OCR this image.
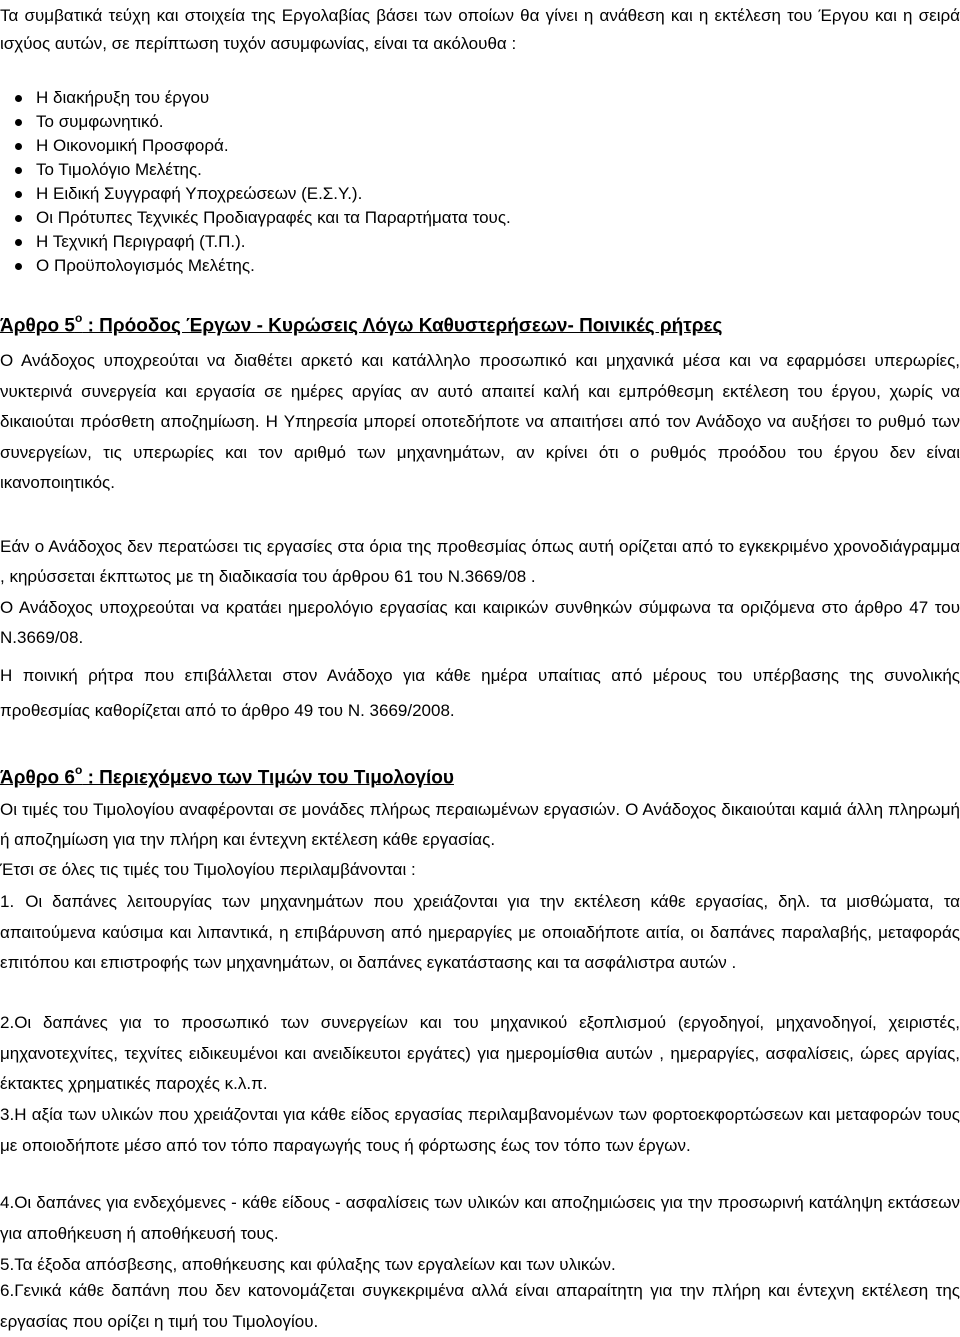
Τα συμβατικά τεύχη και στοιχεία της Εργολαβίας βάσει των οποίων θα γίνει η ανάθεση και η εκτέλεση του Έργου και η σειρά ισχύος αυτών, σε περίπτωση τυχόν ασυμφωνίας, είναι τα ακόλουθα :

Η διακήρυξη του έργου
Το συμφωνητικό.
Η Οικονομική Προσφορά.
Το Τιμολόγιο Μελέτης.
Η Ειδική Συγγραφή Υποχρεώσεων (Ε.Σ.Υ.).
Οι Πρότυπες Τεχνικές Προδιαγραφές και τα Παραρτήματα τους.
Η Τεχνική Περιγραφή (Τ.Π.).
Ο Προϋπολογισμός Μελέτης.
Άρθρο $5^o$ : Πρόοδος Έργων - Κυρώσεις Λόγω Καθυστερήσεων- Ποινικές ρήτρες

Ο Ανάδοχος υποχρεούται να διαθέτει αρκετό και κατάλληλο προσωπικό και μηχανικά μέσα και να εφαρμόσει υπερωρίες, νυκτερινά συνεργεία και εργασία σε ημέρες αργίας αν αυτό απαιτεί καλή και εμπρόθεσμη εκτέλεση του έργου, χωρίς να δικαιούται πρόσθετη αποζημίωση. Η Υπηρεσία μπορεί οποτεδήποτε να απαιτήσει από τον Ανάδοχο να αυξήσει το ρυθμό των συνεργείων, τις υπερωρίες και τον αριθμό των μηχανημάτων, αν κρίνει ότι ο ρυθμός προόδου του έργου δεν είναι ικανοποιητικός.

Εάν ο Ανάδοχος δεν περατώσει τις εργασίες στα όρια της προθεσμίας όπως αυτή ορίζεται από το εγκεκριμένο χρονοδιάγραμμα , κηρύσσεται έκπτωτος με τη διαδικασία του άρθρου 61 του Ν.3669/08 .

Ο Ανάδοχος υποχρεούται να κρατάει ημερολόγιο εργασίας και καιρικών συνθηκών σύμφωνα τα οριζόμενα στο άρθρο 47 του Ν.3669/08.

Η ποινική ρήτρα που επιβάλλεται στον Ανάδοχο για κάθε ημέρα υπαίτιας από μέρους του υπέρβασης της συνολικής προθεσμίας καθορίζεται από το άρθρο 49 του Ν. 3669/2008.

Άρθρο $6^o$ : Περιεχόμενο των Τιμών του Τιμολογίου

Οι τιμές του Τιμολογίου αναφέρονται σε μονάδες πλήρως περαιωμένων εργασιών. Ο Ανάδοχος δικαιούται καμιά άλλη πληρωμή ή αποζημίωση για την πλήρη και έντεχνη εκτέλεση κάθε εργασίας.

Έτσι σε όλες τις τιμές του Τιμολογίου περιλαμβάνονται :

1. Οι δαπάνες λειτουργίας των μηχανημάτων που χρειάζονται για την εκτέλεση κάθε εργασίας, δηλ. τα μισθώματα, τα απαιτούμενα καύσιμα και λιπαντικά, η επιβάρυνση από ημεραργίες με οποιαδήποτε αιτία, οι δαπάνες παραλαβής, μεταφοράς επιτόπου και επιστροφής των μηχανημάτων, οι δαπάνες εγκατάστασης και τα ασφάλιστρα αυτών .
2.Οι δαπάνες για το προσωπικό των συνεργείων και του μηχανικού εξοπλισμού (εργοδηγοί, μηχανοδηγοί, χειριστές, μηχανοτεχνίτες, τεχνίτες ειδικευμένοι και ανειδίκευτοι εργάτες) για ημερομίσθια αυτών , ημεραργίες, ασφαλίσεις, ώρες αργίας, έκτακτες χρηματικές παροχές κ.λ.π.
3.Η αξία των υλικών που χρειάζονται για κάθε είδος εργασίας περιλαμβανομένων των φορτοεκφορτώσεων και μεταφορών τους με οποιοδήποτε μέσο από τον τόπο παραγωγής τους ή φόρτωσης έως τον τόπο των έργων.
4.Οι δαπάνες για ενδεχόμενες - κάθε είδους - ασφαλίσεις των υλικών και αποζημιώσεις για την προσωρινή κατάληψη εκτάσεων για αποθήκευση ή αποθήκευσή τους.
5.Τα έξοδα απόσβεσης, αποθήκευσης και φύλαξης των εργαλείων και των υλικών.
6.Γενικά κάθε δαπάνη που δεν κατονομάζεται συγκεκριμένα αλλά είναι απαραίτητη για την πλήρη και έντεχνη εκτέλεση της εργασίας που ορίζει η τιμή του Τιμολογίου.
